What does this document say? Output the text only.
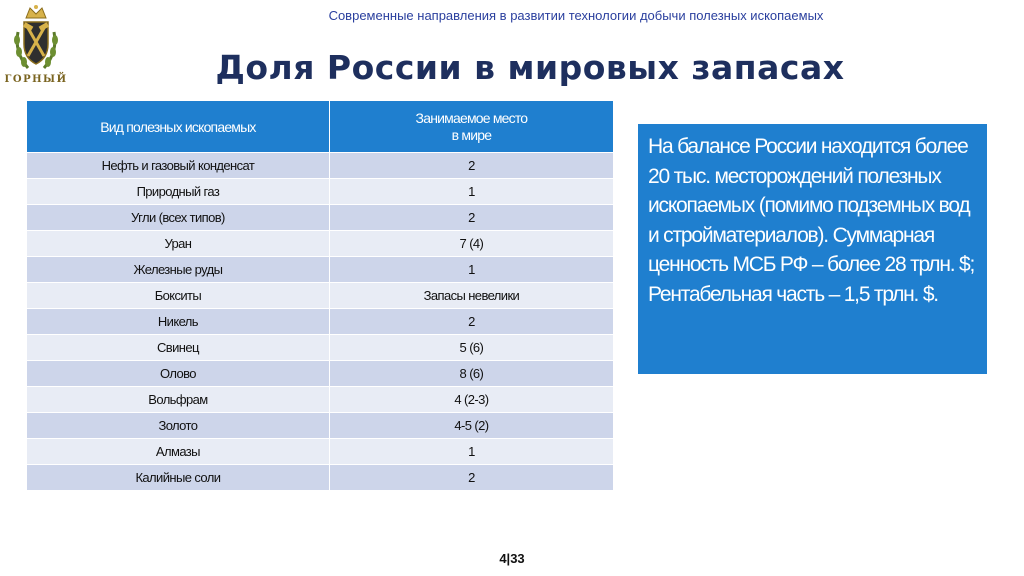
ГОРНЫЙ
Современные направления в развитии технологии добычи полезных ископаемых
Доля России в мировых запасах
Вид полезных ископаемых	Занимаемое место
в мире
Нефть и газовый конденсат	2
Природный газ	1
Угли (всех типов)	2
Уран	7 (4)
Железные руды	1
Бокситы	Запасы невелики
Никель	2
Свинец	5 (6)
Олово	8 (6)
Вольфрам	4 (2-3)
Золото	4-5 (2)
Алмазы	1
Калийные соли	2
На балансе России находится более 20 тыс. месторождений полезных ископаемых (помимо подземных вод и стройматериалов). Суммарная ценность МСБ РФ – более 28 трлн. $; Рентабельная часть – 1,5 трлн. $.
4|33
